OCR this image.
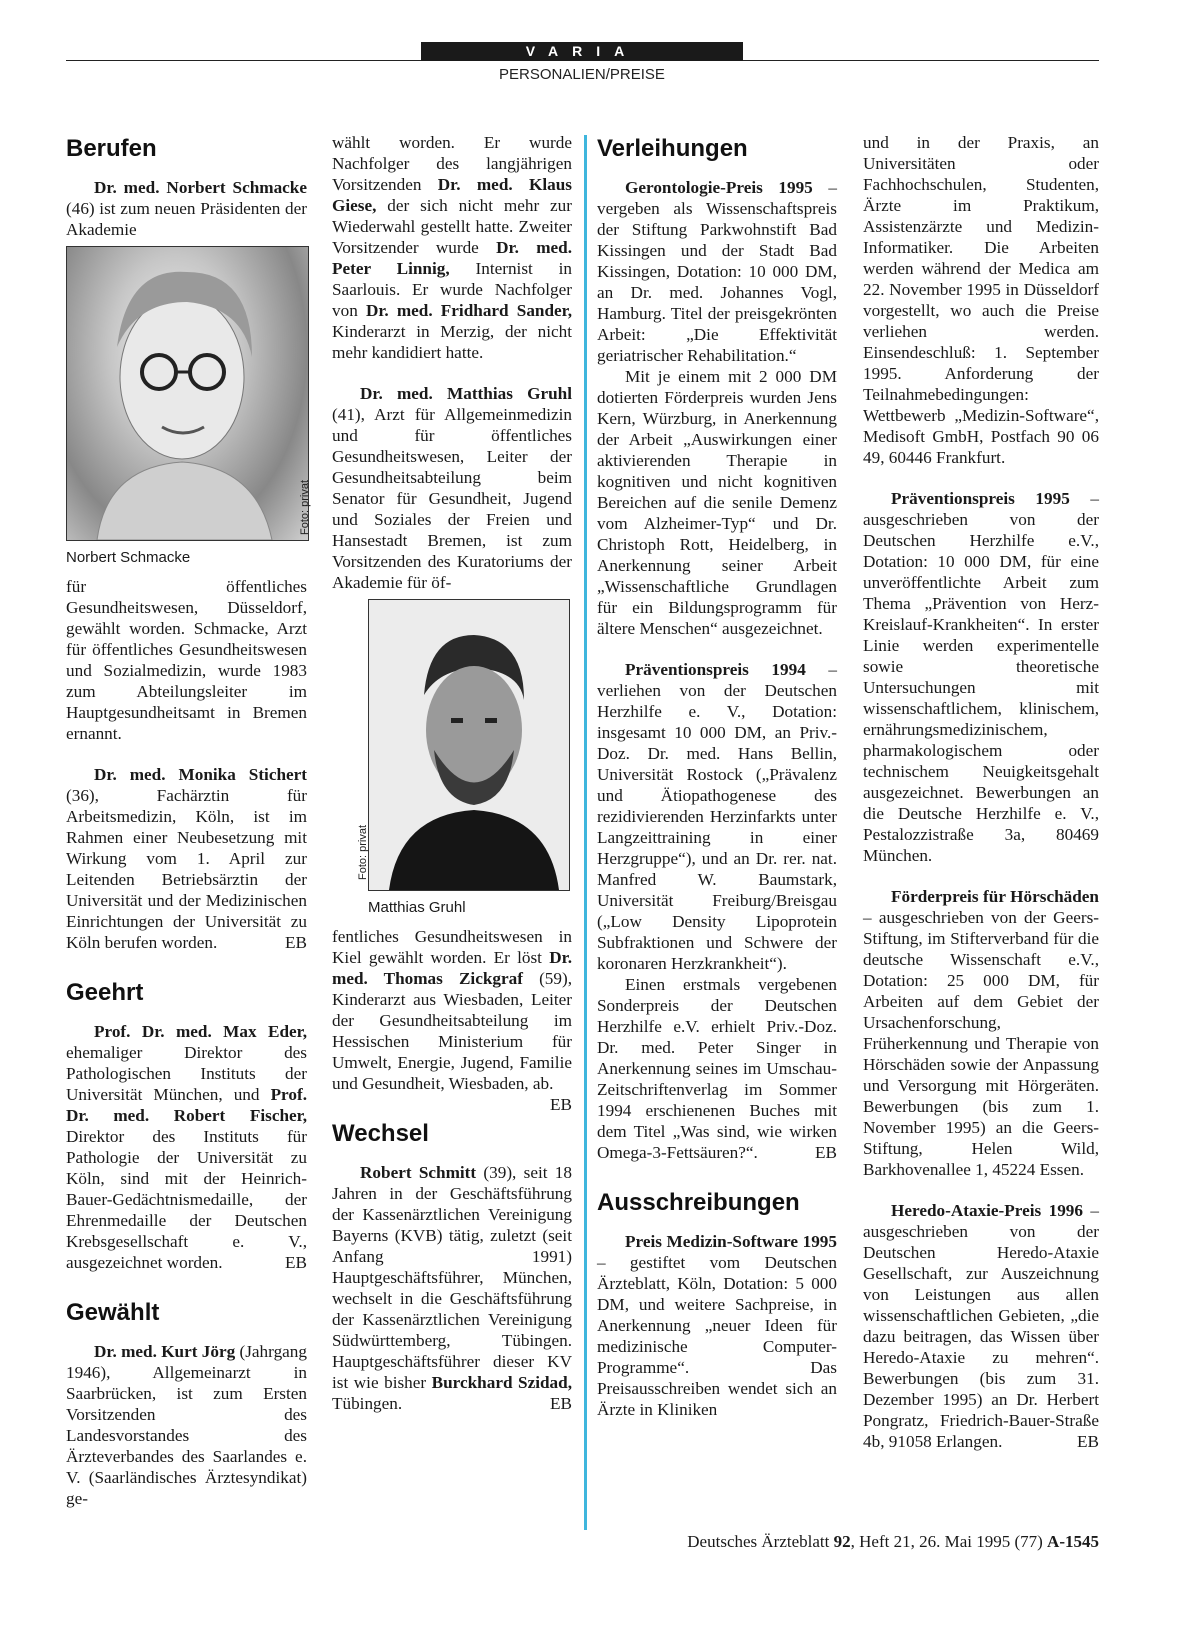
VARIA
PERSONALIEN/PREISE
Berufen

Dr. med. Norbert Schmacke (46) ist zum neuen Präsidenten der Akademie

Foto: privat
Norbert Schmacke

für öffentliches Gesundheitswesen, Düsseldorf, gewählt worden. Schmacke, Arzt für öffentliches Gesundheitswesen und Sozialmedizin, wurde 1983 zum Abteilungsleiter im Hauptgesundheitsamt in Bremen ernannt.

Dr. med. Monika Stichert (36), Fachärztin für Arbeitsmedizin, Köln, ist im Rahmen einer Neubesetzung mit Wirkung vom 1. April zur Leitenden Betriebsärztin der Universität und der Medizinischen Einrichtungen der Universität zu Köln berufen worden.	EB

Geehrt

Prof. Dr. med. Max Eder, ehemaliger Direktor des Pathologischen Instituts der Universität München, und Prof. Dr. med. Robert Fischer, Direktor des Instituts für Pathologie der Universität zu Köln, sind mit der Heinrich-Bauer-Gedächtnismedaille, der Ehrenmedaille der Deutschen Krebsgesellschaft e. V., ausgezeichnet worden.	EB

Gewählt

Dr. med. Kurt Jörg (Jahrgang 1946), Allgemeinarzt in Saarbrücken, ist zum Ersten Vorsitzenden des Landesvorstandes des Ärzteverbandes des Saarlandes e. V. (Saarländisches Ärztesyndikat) ge-

wählt worden. Er wurde Nachfolger des langjährigen Vorsitzenden Dr. med. Klaus Giese, der sich nicht mehr zur Wiederwahl gestellt hatte. Zweiter Vorsitzender wurde Dr. med. Peter Linnig, Internist in Saarlouis. Er wurde Nachfolger von Dr. med. Fridhard Sander, Kinderarzt in Merzig, der nicht mehr kandidiert hatte.

Dr. med. Matthias Gruhl (41), Arzt für Allgemeinmedizin und für öffentliches Gesundheitswesen, Leiter der Gesundheitsabteilung beim Senator für Gesundheit, Jugend und Soziales der Freien und Hansestadt Bremen, ist zum Vorsitzenden des Kuratoriums der Akademie für öf-

Foto: privat
Matthias Gruhl

fentliches Gesundheitswesen in Kiel gewählt worden. Er löst Dr. med. Thomas Zickgraf (59), Kinderarzt aus Wiesbaden, Leiter der Gesundheitsabteilung im Hessischen Ministerium für Umwelt, Energie, Jugend, Familie und Gesundheit, Wiesbaden, ab.
EB

Wechsel

Robert Schmitt (39), seit 18 Jahren in der Geschäftsführung der Kassenärztlichen Vereinigung Bayerns (KVB) tätig, zuletzt (seit Anfang 1991) Hauptgeschäftsführer, München, wechselt in die Geschäftsführung der Kassenärztlichen Vereinigung Südwürttemberg, Tübingen. Hauptgeschäftsführer dieser KV ist wie bisher Burckhard Szidad, Tübingen.	EB

Verleihungen

Gerontologie-Preis 1995 – vergeben als Wissenschaftspreis der Stiftung Parkwohnstift Bad Kissingen und der Stadt Bad Kissingen, Dotation: 10 000 DM, an Dr. med. Johannes Vogl, Hamburg. Titel der preisgekrönten Arbeit: „Die Effektivität geriatrischer Rehabilitation.“

Mit je einem mit 2 000 DM dotierten Förderpreis wurden Jens Kern, Würzburg, in Anerkennung der Arbeit „Auswirkungen einer aktivierenden Therapie in kognitiven und nicht kognitiven Bereichen auf die senile Demenz vom Alzheimer-Typ“ und Dr. Christoph Rott, Heidelberg, in Anerkennung seiner Arbeit „Wissenschaftliche Grundlagen für ein Bildungsprogramm für ältere Menschen“ ausgezeichnet.

Präventionspreis 1994 – verliehen von der Deutschen Herzhilfe e. V., Dotation: insgesamt 10 000 DM, an Priv.-Doz. Dr. med. Hans Bellin, Universität Rostock („Prävalenz und Ätiopathogenese des rezidivierenden Herzinfarkts unter Langzeittraining in einer Herzgruppe“), und an Dr. rer. nat. Manfred W. Baumstark, Universität Freiburg/Breisgau („Low Density Lipoprotein Subfraktionen und Schwere der koronaren Herzkrankheit“).

Einen erstmals vergebenen Sonderpreis der Deutschen Herzhilfe e.V. erhielt Priv.-Doz. Dr. med. Peter Singer in Anerkennung seines im Umschau-Zeitschriftenverlag im Sommer 1994 erschienenen Buches mit dem Titel „Was sind, wie wirken Omega-3-Fettsäuren?“.	EB

Ausschreibungen

Preis Medizin-Software 1995 – gestiftet vom Deutschen Ärzteblatt, Köln, Dotation: 5 000 DM, und weitere Sachpreise, in Anerkennung „neuer Ideen für medizinische Computer-Programme“. Das Preisausschreiben wendet sich an Ärzte in Kliniken

und in der Praxis, an Universitäten oder Fachhochschulen, Studenten, Ärzte im Praktikum, Assistenzärzte und Medizin-Informatiker. Die Arbeiten werden während der Medica am 22. November 1995 in Düsseldorf vorgestellt, wo auch die Preise verliehen werden. Einsendeschluß: 1. September 1995. Anforderung der Teilnahmebedingungen: Wettbewerb „Medizin-Software“, Medisoft GmbH, Postfach 90 06 49, 60446 Frankfurt.

Präventionspreis 1995 – ausgeschrieben von der Deutschen Herzhilfe e.V., Dotation: 10 000 DM, für eine unveröffentlichte Arbeit zum Thema „Prävention von Herz-Kreislauf-Krankheiten“. In erster Linie werden experimentelle sowie theoretische Untersuchungen mit wissenschaftlichem, klinischem, ernährungsmedizinischem, pharmakologischem oder technischem Neuigkeitsgehalt ausgezeichnet. Bewerbungen an die Deutsche Herzhilfe e. V., Pestalozzistraße 3a, 80469 München.

Förderpreis für Hörschäden – ausgeschrieben von der Geers-Stiftung, im Stifterverband für die deutsche Wissenschaft e.V., Dotation: 25 000 DM, für Arbeiten auf dem Gebiet der Ursachenforschung, Früherkennung und Therapie von Hörschäden sowie der Anpassung und Versorgung mit Hörgeräten. Bewerbungen (bis zum 1. November 1995) an die Geers-Stiftung, Helen Wild, Barkhovenallee 1, 45224 Essen.

Heredo-Ataxie-Preis 1996 – ausgeschrieben von der Deutschen Heredo-Ataxie Gesellschaft, zur Auszeichnung von Leistungen aus allen wissenschaftlichen Gebieten, „die dazu beitragen, das Wissen über Heredo-Ataxie zu mehren“. Bewerbungen (bis zum 31. Dezember 1995) an Dr. Herbert Pongratz, Friedrich-Bauer-Straße 4b, 91058 Erlangen.	EB

Deutsches Ärzteblatt 92, Heft 21, 26. Mai 1995 (77) A-1545
